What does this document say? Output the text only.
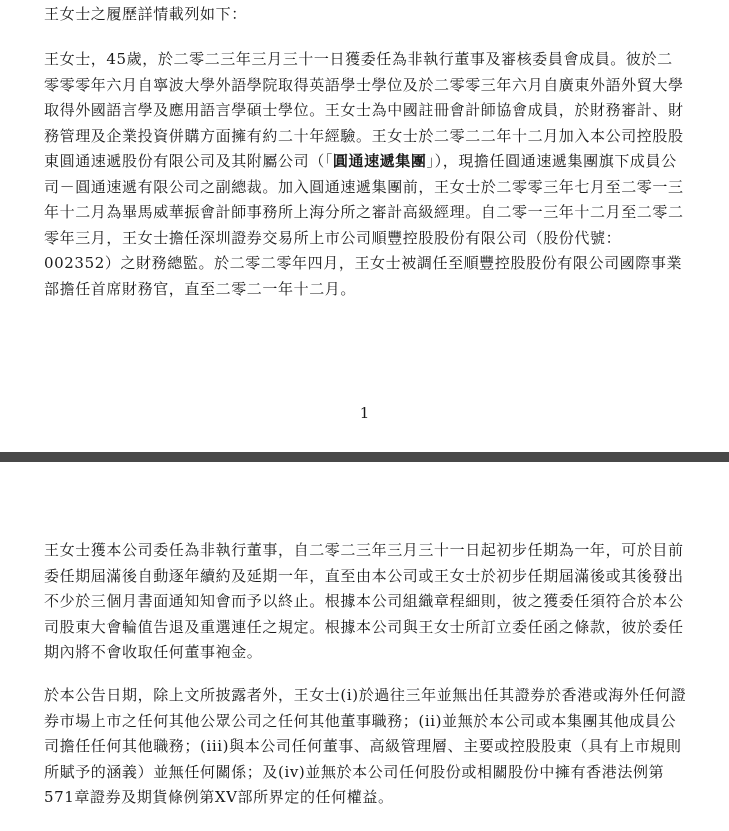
王女士之履歷詳情載列如下：

王女士，45歲，於二零二三年三月三十一日獲委任為非執行董事及審核委員會成員。彼於二零零零年六月自寧波大學外語學院取得英語學士學位及於二零零三年六月自廣東外語外貿大學取得外國語言學及應用語言學碩士學位。王女士為中國註冊會計師協會成員，於財務審計、財務管理及企業投資併購方面擁有約二十年經驗。王女士於二零二二年十二月加入本公司控股股東圓通速遞股份有限公司及其附屬公司（「圓通速遞集團」），現擔任圓通速遞集團旗下成員公司－圓通速遞有限公司之副總裁。加入圓通速遞集團前，王女士於二零零三年七月至二零一三年十二月為畢馬威華振會計師事務所上海分所之審計高級經理。自二零一三年十二月至二零二零年三月，王女士擔任深圳證券交易所上市公司順豐控股股份有限公司（股份代號：002352）之財務總監。於二零二零年四月，王女士被調任至順豐控股股份有限公司國際事業部擔任首席財務官，直至二零二一年十二月。

1

王女士獲本公司委任為非執行董事，自二零二三年三月三十一日起初步任期為一年，可於目前委任期屆滿後自動逐年續約及延期一年，直至由本公司或王女士於初步任期屆滿後或其後發出不少於三個月書面通知知會而予以終止。根據本公司組織章程細則，彼之獲委任須符合於本公司股東大會輪值告退及重選連任之規定。根據本公司與王女士所訂立委任函之條款，彼於委任期內將不會收取任何董事袍金。

於本公告日期，除上文所披露者外，王女士(i)於過往三年並無出任其證券於香港或海外任何證券市場上市之任何其他公眾公司之任何其他董事職務；(ii)並無於本公司或本集團其他成員公司擔任任何其他職務；(iii)與本公司任何董事、高級管理層、主要或控股股東（具有上市規則所賦予的涵義）並無任何關係；及(iv)並無於本公司任何股份或相關股份中擁有香港法例第571章證券及期貨條例第XV部所界定的任何權益。
